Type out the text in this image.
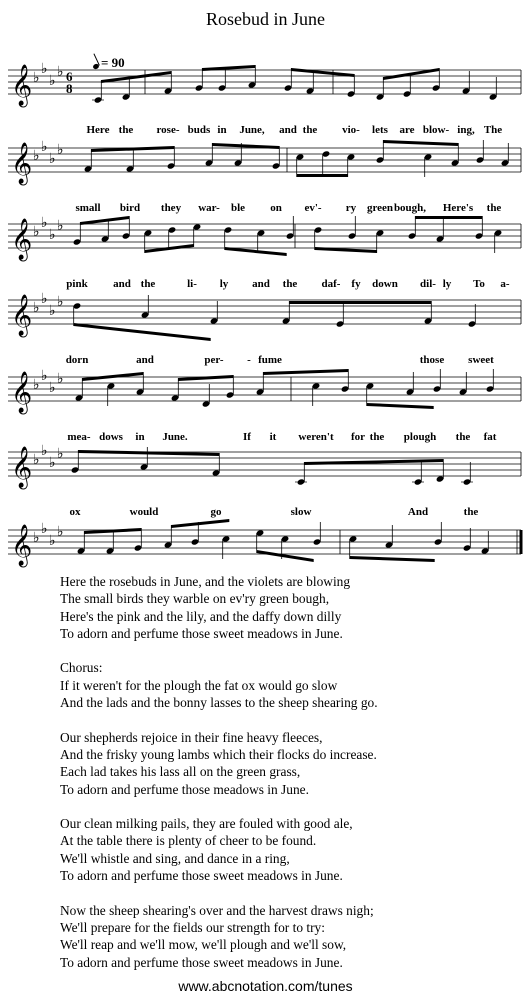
Rosebud in June
= 90
𝄞 ♭
♭
♭
♭ 6
8
Here the rose- buds in June, and the vio- lets are blow- ing, The
𝄞 ♭
♭
♭
♭
small bird they war- ble on ev'- ry green bough, Here's the
𝄞 ♭
♭
♭
♭
pink and the	li- ly and the daf- fy down dil- ly To a-
𝄞 ♭
♭
♭
♭
dorn	and	per- - fume	those sweet
𝄞 ♭
♭
♭
♭
mea- dows in June.	If it weren't for the plough the fat
𝄞 ♭
♭
♭
♭
ox	would	go	slow	And	the
𝄞 ♭
♭
♭
♭
Here the rosebuds in June, and the violets are blowing
The small birds they warble on ev'ry green bough,
Here's the pink and the lily, and the daffy down dilly
To adorn and perfume those sweet meadows in June.
Chorus:
If it weren't for the plough the fat ox would go slow
And the lads and the bonny lasses to the sheep shearing go.
Our shepherds rejoice in their fine heavy fleeces,
And the frisky young lambs which their flocks do increase.
Each lad takes his lass all on the green grass,
To adorn and perfume those meadows in June.
Our clean milking pails, they are fouled with good ale,
At the table there is plenty of cheer to be found.
We'll whistle and sing, and dance in a ring,
To adorn and perfume those sweet meadows in June.
Now the sheep shearing's over and the harvest draws nigh;
We'll prepare for the fields our strength for to try:
We'll reap and we'll mow, we'll plough and we'll sow,
To adorn and perfume those sweet meadows in June.
www.abcnotation.com/tunes
